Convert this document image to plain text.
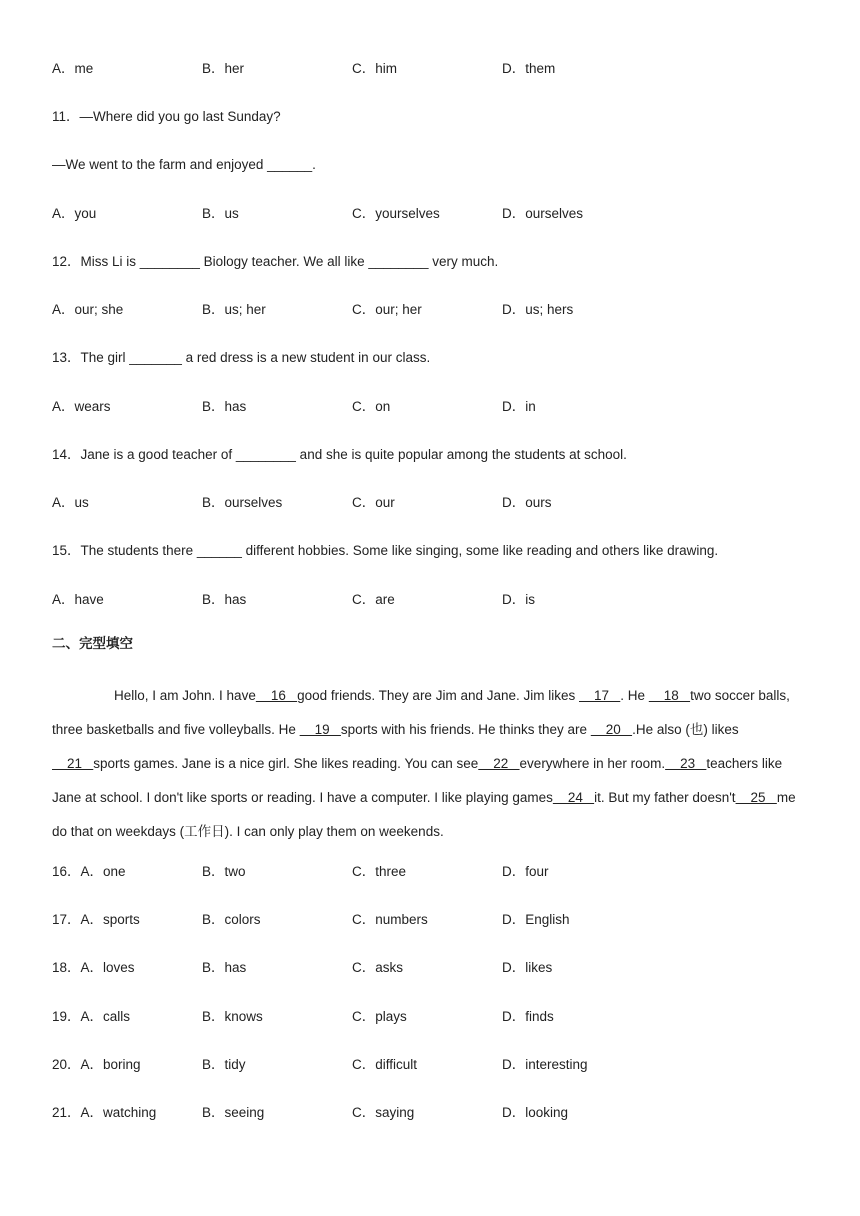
A．me	B．her	C．him	D．them
11．—Where did you go last Sunday?
—We went to the farm and enjoyed ______.
A．you	B．us	C．yourselves	D．ourselves
12．Miss Li is ________ Biology teacher. We all like ________ very much.
A．our; she	B．us; her	C．our; her	D．us; hers
13．The girl _______ a red dress is a new student in our class.
A．wears	B．has	C．on	D．in
14．Jane is a good teacher of ________ and she is quite popular among the students at school.
A．us	B．ourselves	C．our	D．ours
15．The students there ______ different hobbies. Some like singing, some like reading and others like drawing.
A．have	B．has	C．are	D．is
二、完型填空
Hello, I am John. I have    16   good friends. They are Jim and Jane. Jim likes     17   . He     18   two soccer balls, three basketballs and five volleyballs. He     19   sports with his friends. He thinks they are     20   .He also (也) likes     21   sports games. Jane is a nice girl. She likes reading. You can see    22   everywhere in her room.    23   teachers like Jane at school. I don't like sports or reading. I have a computer. I like playing games    24   it. But my father doesn't    25   me do that on weekdays (工作日). I can only play them on weekends.
16．A．one	B．two	C．three	D．four
17．A．sports	B．colors	C．numbers	D．English
18．A．loves	B．has	C．asks	D．likes
19．A．calls	B．knows	C．plays	D．finds
20．A．boring	B．tidy	C．difficult	D．interesting
21．A．watching	B．seeing	C．saying	D．looking
